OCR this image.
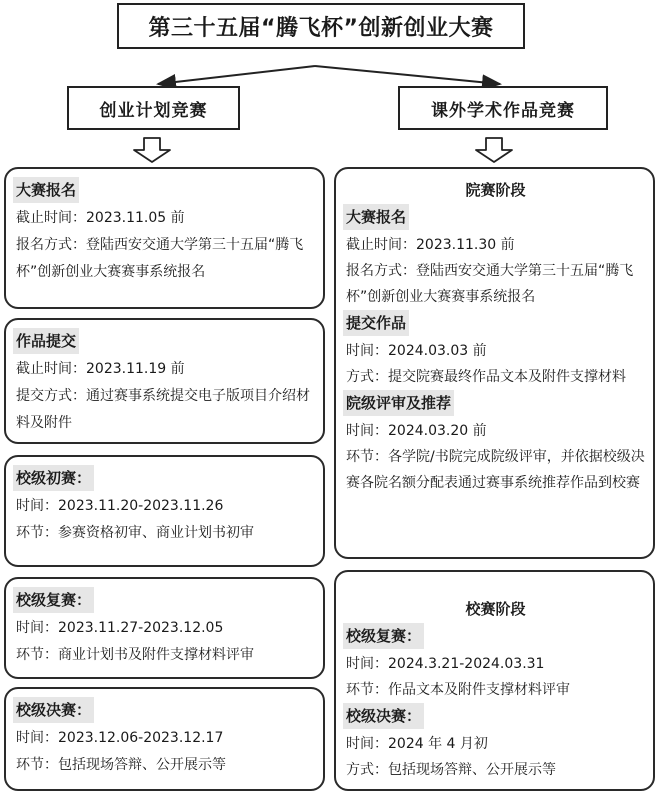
第三十五届“腾飞杯”创新创业大赛
创业计划竞赛	课外学术作品竞赛
大赛报名
截止时间：2023.11.05 前
报名方式：登陆西安交通大学第三十五届“腾飞杯”创新创业大赛赛事系统报名
作品提交
截止时间：2023.11.19 前
提交方式：通过赛事系统提交电子版项目介绍材料及附件
校级初赛：
时间：2023.11.20-2023.11.26
环节：参赛资格初审、商业计划书初审
校级复赛：
时间：2023.11.27-2023.12.05
环节：商业计划书及附件支撑材料评审
校级决赛：
时间：2023.12.06-2023.12.17
环节：包括现场答辩、公开展示等
院赛阶段
大赛报名
截止时间：2023.11.30 前
报名方式：登陆西安交通大学第三十五届“腾飞杯”创新创业大赛赛事系统报名
提交作品
时间：2024.03.03 前
方式：提交院赛最终作品文本及附件支撑材料
院级评审及推荐
时间：2024.03.20 前
环节：各学院/书院完成院级评审，并依据校级决赛各院名额分配表通过赛事系统推荐作品到校赛
校赛阶段
校级复赛：
时间：2024.3.21-2024.03.31
环节：作品文本及附件支撑材料评审
校级决赛：
时间：2024 年 4 月初
方式：包括现场答辩、公开展示等
